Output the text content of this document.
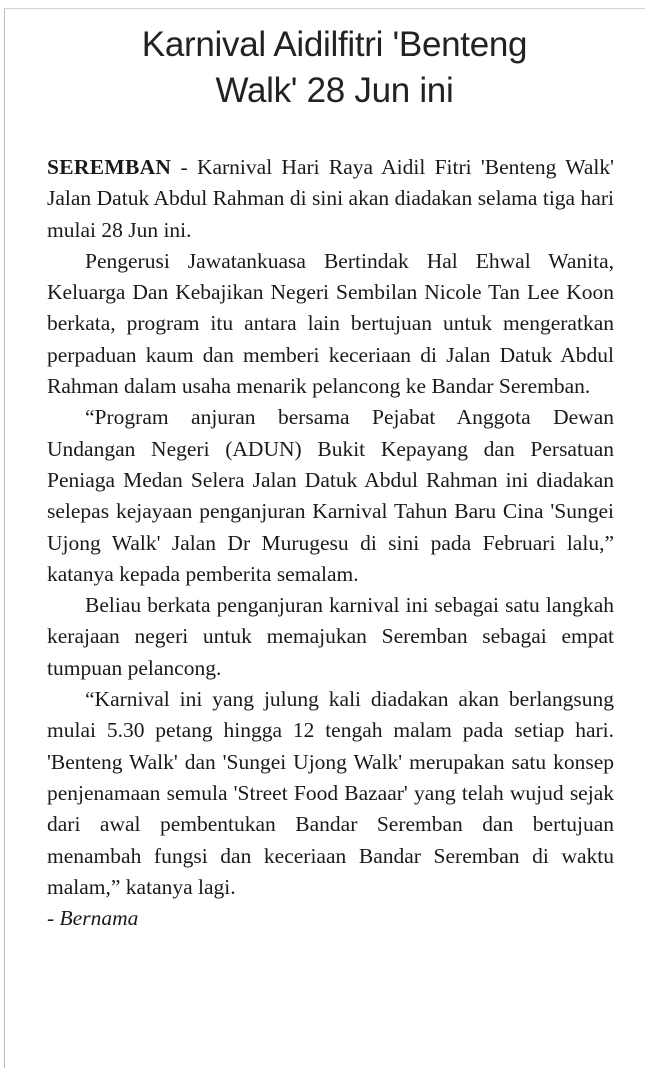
Karnival Aidilfitri 'Benteng
Walk' 28 Jun ini

SEREMBAN - Karnival Hari Raya Aidil Fitri 'Benteng Walk' Jalan Datuk Abdul Rahman di sini akan diadakan selama tiga hari mulai 28 Jun ini.

Pengerusi Jawatankuasa Bertindak Hal Ehwal Wanita, Keluarga Dan Kebajikan Negeri Sembilan Nicole Tan Lee Koon berkata, program itu antara lain bertujuan untuk mengeratkan perpaduan kaum dan memberi keceriaan di Jalan Datuk Abdul Rahman dalam usaha menarik pelancong ke Bandar Seremban.

“Program anjuran bersama Pejabat Anggota Dewan Undangan Negeri (ADUN) Bukit Kepayang dan Persatuan Peniaga Medan Selera Jalan Datuk Abdul Rahman ini diadakan selepas kejayaan penganjuran Karnival Tahun Baru Cina 'Sungei Ujong Walk' Jalan Dr Murugesu di sini pada Februari lalu,” katanya kepada pemberita semalam.

Beliau berkata penganjuran karnival ini sebagai satu langkah kerajaan negeri untuk memajukan Seremban sebagai empat tumpuan pelancong.

“Karnival ini yang julung kali diadakan akan berlangsung mulai 5.30 petang hingga 12 tengah malam pada setiap hari. 'Benteng Walk' dan 'Sungei Ujong Walk' merupakan satu konsep penjenamaan semula 'Street Food Bazaar' yang telah wujud sejak dari awal pembentukan Bandar Seremban dan bertujuan menambah fungsi dan keceriaan Bandar Seremban di waktu malam,” katanya lagi.

- Bernama
